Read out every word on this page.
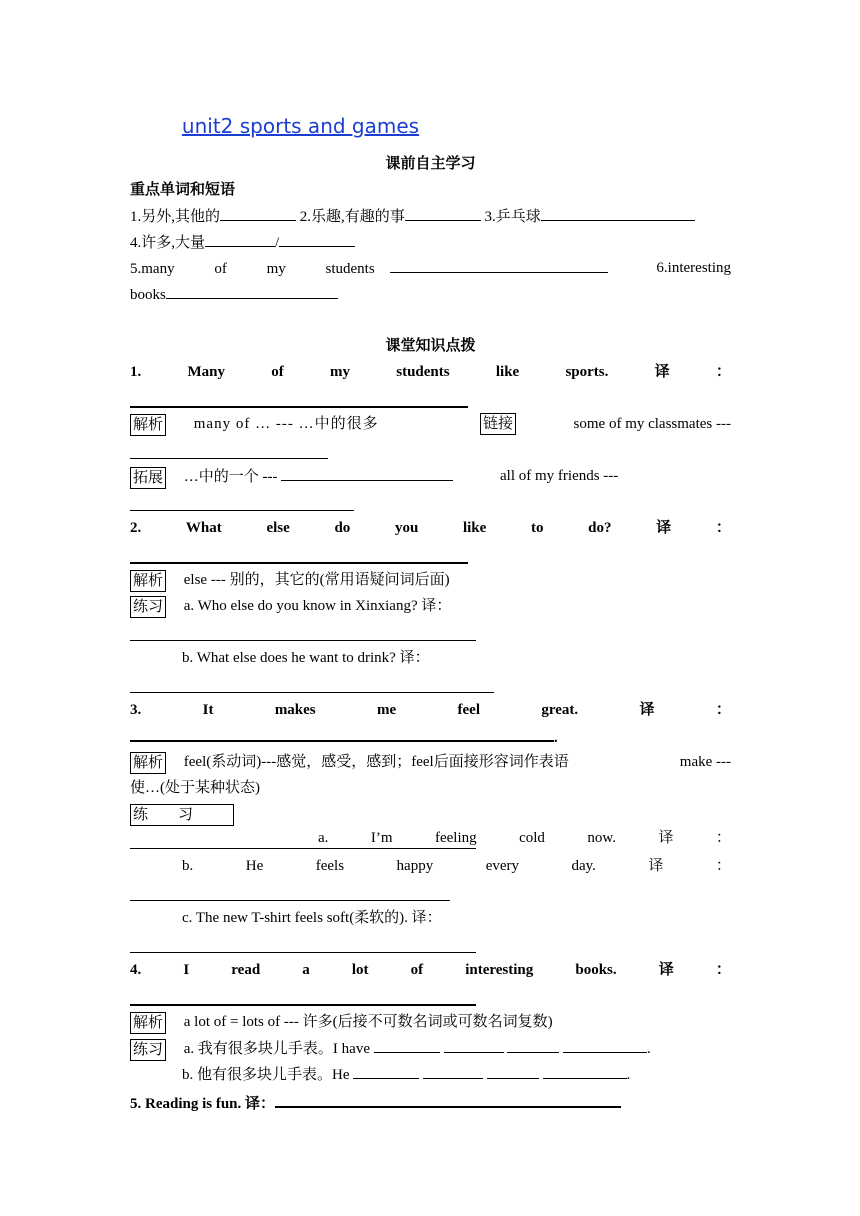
unit2 sports and games
课前自主学习
重点单词和短语
1.另外,其他的	2.乐趣,有趣的事	3.乒乓球
4.许多,大量	/
5.many of my students	6.interesting
books
课堂知识点拨
1.	Many	of	my	students	like	sports.	译	：
解析 many of … --- …中的很多	链接	some of my classmates ---
拓展 …中的一个 ---	all of my friends ---
2.	What	else	do	you	like	to	do?	译	：
解析 else --- 别的，其它的(常用语疑问词后面)
练习 a. Who else do you know in Xinxiang? 译：
b. What else does he want to drink? 译：
3.	It	makes	me	feel	great.	译	：
.
解析 feel(系动词)---感觉，感受，感到；feel后面接形容词作表语	make ---
使…(处于某种状态)
练　　习
a.	I’m	feeling	cold	now.	译	：
b.	He	feels	happy	every	day.	译	：
c. The new T-shirt feels soft(柔软的). 译：
4.	I	read	a	lot	of	interesting	books.	译	：
解析 a lot of = lots of --- 许多(后接不可数名词或可数名词复数)
练习 a. 我有很多块儿手表。I have	.
b. 他有很多块儿手表。He	.
5. Reading is fun. 译：
